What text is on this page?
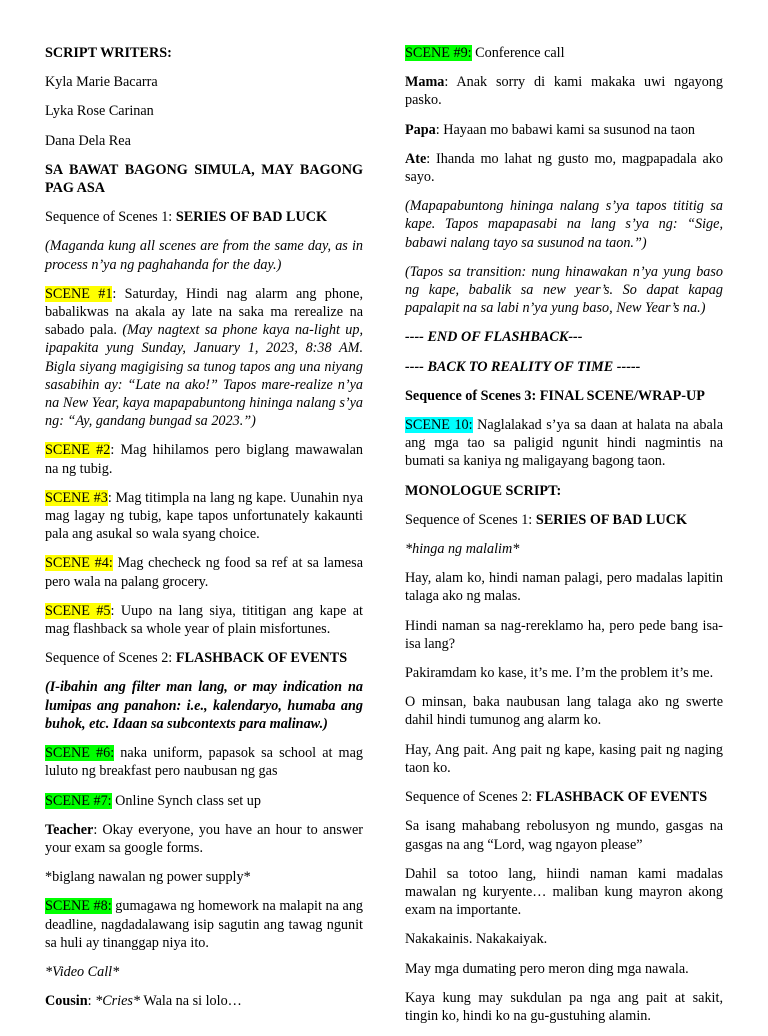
SCRIPT WRITERS:

Kyla Marie Bacarra

Lyka Rose Carinan

Dana Dela Rea

SA BAWAT BAGONG SIMULA, MAY BAGONG PAG ASA

Sequence of Scenes 1: SERIES OF BAD LUCK

(Maganda kung all scenes are from the same day, as in process n’ya ng paghahanda for the day.)

SCENE #1: Saturday, Hindi nag alarm ang phone, babalikwas na akala ay late na saka ma rerealize na sabado pala. (May nagtext sa phone kaya na-light up, ipapakita yung Sunday, January 1, 2023, 8:38 AM. Bigla siyang magigising sa tunog tapos ang una niyang sasabihin ay: “Late na ako!” Tapos mare-realize n’ya na New Year, kaya mapapabuntong hininga nalang s’ya ng: “Ay, gandang bungad sa 2023.”)

SCENE #2: Mag hihilamos pero biglang mawawalan na ng tubig.

SCENE #3: Mag titimpla na lang ng kape. Uunahin nya mag lagay ng tubig, kape tapos unfortunately kakaunti pala ang asukal so wala syang choice.

SCENE #4: Mag checheck ng food sa ref at sa lamesa pero wala na palang grocery.

SCENE #5: Uupo na lang siya, tititigan ang kape at mag flashback sa whole year of plain misfortunes.

Sequence of Scenes 2: FLASHBACK OF EVENTS

(I-ibahin ang filter man lang, or may indication na lumipas ang panahon: i.e., kalendaryo, humaba ang buhok, etc. Idaan sa subcontexts para malinaw.)

SCENE #6: naka uniform, papasok sa school at mag luluto ng breakfast pero naubusan ng gas

SCENE #7: Online Synch class set up

Teacher: Okay everyone, you have an hour to answer your exam sa google forms.

*biglang nawalan ng power supply*

SCENE #8: gumagawa ng homework na malapit na ang deadline, nagdadalawang isip sagutin ang tawag ngunit sa huli ay tinanggap niya ito.

*Video Call*

Cousin: *Cries* Wala na si lolo…

SCENE #9: Conference call

Mama: Anak sorry di kami makaka uwi ngayong pasko.

Papa: Hayaan mo babawi kami sa susunod na taon

Ate: Ihanda mo lahat ng gusto mo, magpapadala ako sayo.

(Mapapabuntong hininga nalang s’ya tapos tititig sa kape. Tapos mapapasabi na lang s’ya ng: “Sige, babawi nalang tayo sa susunod na taon.”)

(Tapos sa transition: nung hinawakan n’ya yung baso ng kape, babalik sa new year’s. So dapat kapag papalapit na sa labi n’ya yung baso, New Year’s na.)

---- END OF FLASHBACK---

---- BACK TO REALITY OF TIME -----

Sequence of Scenes 3: FINAL SCENE/WRAP-UP

SCENE 10: Naglalakad s’ya sa daan at halata na abala ang mga tao sa paligid ngunit hindi nagmintis na bumati sa kaniya ng maligayang bagong taon.

MONOLOGUE SCRIPT:

Sequence of Scenes 1: SERIES OF BAD LUCK

*hinga ng malalim*

Hay, alam ko, hindi naman palagi, pero madalas lapitin talaga ako ng malas.

Hindi naman sa nag-rereklamo ha, pero pede bang isa-isa lang?

Pakiramdam ko kase, it’s me. I’m the problem it’s me.

O minsan, baka naubusan lang talaga ako ng swerte dahil hindi tumunog ang alarm ko.

Hay, Ang pait. Ang pait ng kape, kasing pait ng naging taon ko.

Sequence of Scenes 2: FLASHBACK OF EVENTS

Sa isang mahabang rebolusyon ng mundo, gasgas na gasgas na ang “Lord, wag ngayon please”

Dahil sa totoo lang, hiindi naman kami madalas mawalan ng kuryente… maliban kung mayron akong exam na importante.

Nakakainis. Nakakaiyak.

May mga dumating pero meron ding mga nawala.

Kaya kung may sukdulan pa nga ang pait at sakit, tingin ko, hindi ko na gu-gustuhing alamin.
